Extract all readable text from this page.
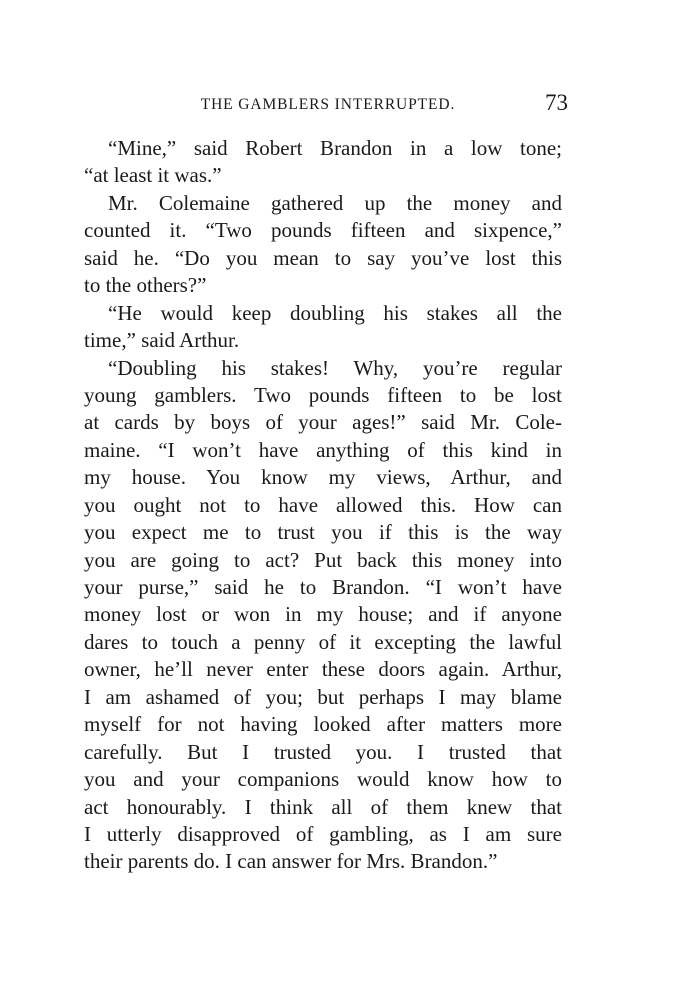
THE GAMBLERS INTERRUPTED.	73
“Mine,” said Robert Brandon in a low tone;
“at least it was.”
Mr. Colemaine gathered up the money and
counted it. “Two pounds fifteen and sixpence,”
said he. “Do you mean to say you’ve lost this
to the others?”
“He would keep doubling his stakes all the
time,” said Arthur.
“Doubling his stakes! Why, you’re regular
young gamblers. Two pounds fifteen to be lost
at cards by boys of your ages!” said Mr. Cole-
maine. “I won’t have anything of this kind in
my house. You know my views, Arthur, and
you ought not to have allowed this. How can
you expect me to trust you if this is the way
you are going to act? Put back this money into
your purse,” said he to Brandon. “I won’t have
money lost or won in my house; and if anyone
dares to touch a penny of it excepting the lawful
owner, he’ll never enter these doors again. Arthur,
I am ashamed of you; but perhaps I may blame
myself for not having looked after matters more
carefully. But I trusted you. I trusted that
you and your companions would know how to
act honourably. I think all of them knew that
I utterly disapproved of gambling, as I am sure
their parents do. I can answer for Mrs. Brandon.”
